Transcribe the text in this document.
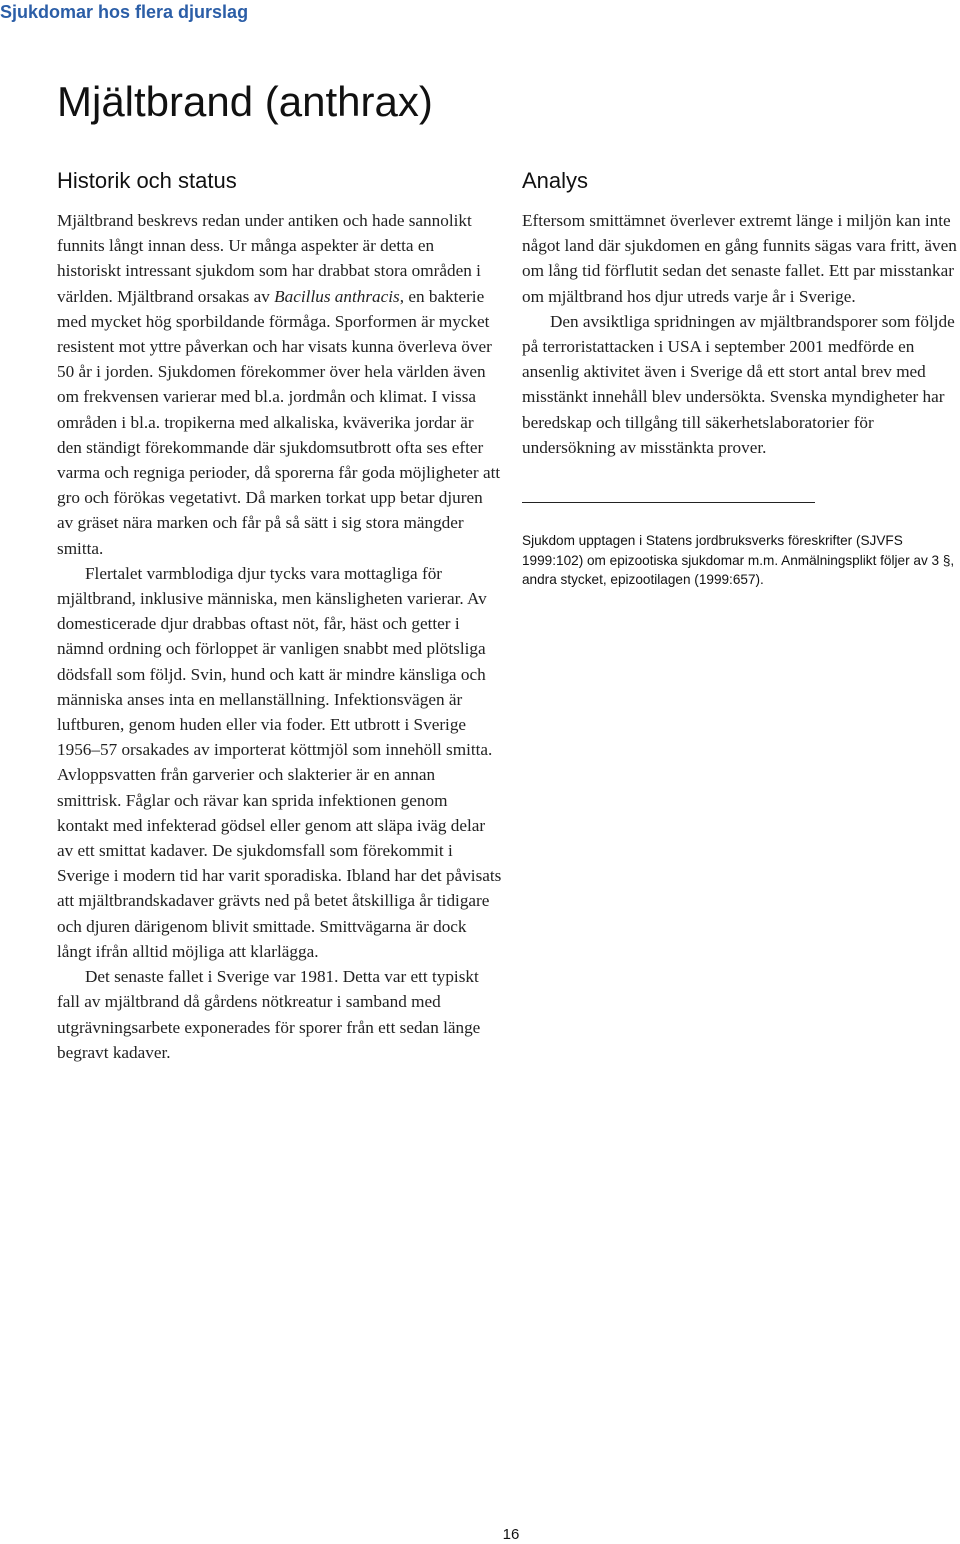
Sjukdomar hos flera djurslag
Mjältbrand (anthrax)
Historik och status

Mjältbrand beskrevs redan under antiken och hade sannolikt funnits långt innan dess. Ur många aspekter är detta en historiskt intressant sjukdom som har drabbat stora områden i världen. Mjältbrand orsakas av Bacillus anthracis, en bakterie med mycket hög sporbildande förmåga. Sporformen är mycket resistent mot yttre påverkan och har visats kunna överleva över 50 år i jorden. Sjukdomen förekommer över hela världen även om frekvensen varierar med bl.a. jordmån och klimat. I vissa områden i bl.a. tropikerna med alkaliska, kväverika jordar är den ständigt förekommande där sjukdomsutbrott ofta ses efter varma och regniga perioder, då sporerna får goda möjligheter att gro och förökas vegetativt. Då marken torkat upp betar djuren av gräset nära marken och får på så sätt i sig stora mängder smitta.

Flertalet varmblodiga djur tycks vara mottagliga för mjältbrand, inklusive människa, men känsligheten varierar. Av domesticerade djur drabbas oftast nöt, får, häst och getter i nämnd ordning och förloppet är vanligen snabbt med plötsliga dödsfall som följd. Svin, hund och katt är mindre känsliga och människa anses inta en mellanställning. Infektionsvägen är luftburen, genom huden eller via foder. Ett utbrott i Sverige 1956–57 orsakades av importerat köttmjöl som innehöll smitta. Avloppsvatten från garverier och slakterier är en annan smittrisk. Fåglar och rävar kan sprida infektionen genom kontakt med infekterad gödsel eller genom att släpa iväg delar av ett smittat kadaver. De sjukdomsfall som förekommit i Sverige i modern tid har varit sporadiska. Ibland har det påvisats att mjältbrandskadaver grävts ned på betet åtskilliga år tidigare och djuren därigenom blivit smittade. Smittvägarna är dock långt ifrån alltid möjliga att klarlägga.

Det senaste fallet i Sverige var 1981. Detta var ett typiskt fall av mjältbrand då gårdens nötkreatur i samband med utgrävningsarbete exponerades för sporer från ett sedan länge begravt kadaver.

Analys

Eftersom smittämnet överlever extremt länge i miljön kan inte något land där sjukdomen en gång funnits sägas vara fritt, även om lång tid förflutit sedan det senaste fallet. Ett par misstankar om mjältbrand hos djur utreds varje år i Sverige.

Den avsiktliga spridningen av mjältbrandsporer som följde på terroristattacken i USA i september 2001 medförde en ansenlig aktivitet även i Sverige då ett stort antal brev med misstänkt innehåll blev undersökta. Svenska myndigheter har beredskap och tillgång till säkerhetslaboratorier för undersökning av misstänkta prover.

Sjukdom upptagen i Statens jordbruksverks föreskrifter (SJVFS 1999:102) om epizootiska sjukdomar m.m. Anmälningsplikt följer av 3 §, andra stycket, epizootilagen (1999:657).

16
